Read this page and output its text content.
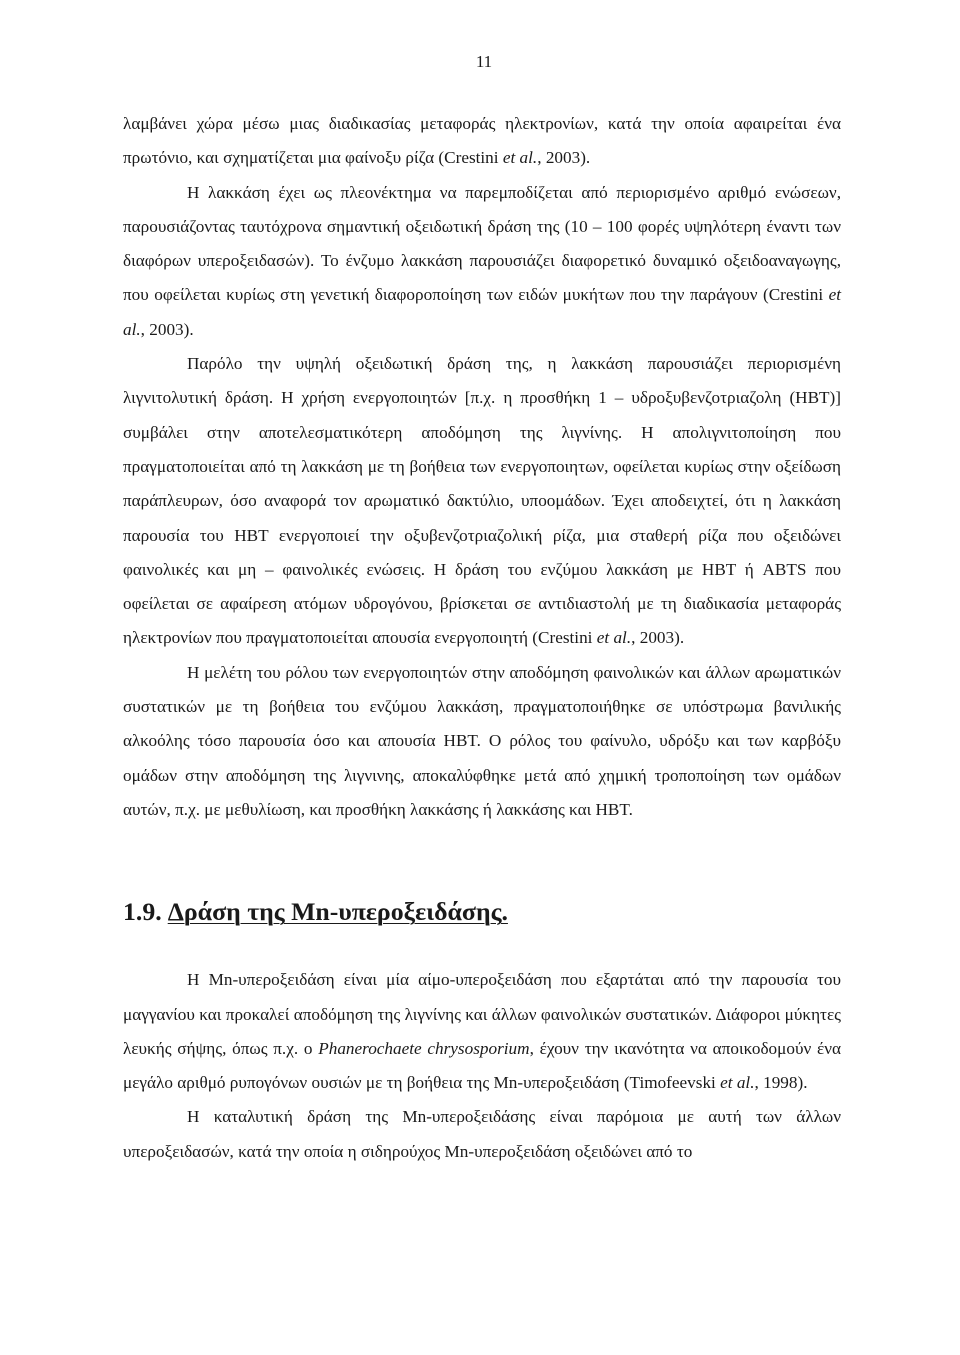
11

λαμβάνει χώρα μέσω μιας διαδικασίας μεταφοράς ηλεκτρονίων, κατά την οποία αφαιρείται ένα πρωτόνιο, και σχηματίζεται μια φαίνοξυ ρίζα (Crestini et al., 2003).

Η λακκάση έχει ως πλεονέκτημα να παρεμποδίζεται από περιορισμένο αριθμό ενώσεων, παρουσιάζοντας ταυτόχρονα σημαντική οξειδωτική δράση της (10 – 100 φορές υψηλότερη έναντι των διαφόρων υπεροξειδασών). Το ένζυμο λακκάση παρουσιάζει διαφορετικό δυναμικό οξειδοαναγωγης, που οφείλεται κυρίως στη γενετική διαφοροποίηση των ειδών μυκήτων που την παράγουν (Crestini et al., 2003).

Παρόλο την υψηλή οξειδωτική δράση της, η λακκάση παρουσιάζει περιορισμένη λιγνιτολυτική δράση. Η χρήση ενεργοποιητών [π.χ. η προσθήκη 1 – υδροξυβενζοτριαζολη (HBT)] συμβάλει στην αποτελεσματικότερη αποδόμηση της λιγνίνης. Η απολιγνιτοποίηση που πραγματοποιείται από τη λακκάση με τη βοήθεια των ενεργοποιητων, οφείλεται κυρίως στην οξείδωση παράπλευρων, όσο αναφορά τον αρωματικό δακτύλιο, υποομάδων. Έχει αποδειχτεί, ότι η λακκάση παρουσία του HBT ενεργοποιεί την οξυβενζοτριαζολική ρίζα, μια σταθερή ρίζα που οξειδώνει φαινολικές και μη – φαινολικές ενώσεις. Η δράση του ενζύμου λακκάση με HBT ή ABTS που οφείλεται σε αφαίρεση ατόμων υδρογόνου, βρίσκεται σε αντιδιαστολή με τη διαδικασία μεταφοράς ηλεκτρονίων που πραγματοποιείται απουσία ενεργοποιητή (Crestini et al., 2003).

Η μελέτη του ρόλου των ενεργοποιητών στην αποδόμηση φαινολικών και άλλων αρωματικών συστατικών με τη βοήθεια του ενζύμου λακκάση, πραγματοποιήθηκε σε υπόστρωμα βανιλικής αλκοόλης τόσο παρουσία όσο και απουσία HBT. Ο ρόλος του φαίνυλο, υδρόξυ και των καρβόξυ ομάδων στην αποδόμηση της λιγνινης, αποκαλύφθηκε μετά από χημική τροποποίηση των ομάδων αυτών, π.χ. με μεθυλίωση, και προσθήκη λακκάσης ή λακκάσης και HBT.

1.9. Δράση της Mn-υπεροξειδάσης.

Η Mn-υπεροξειδάση είναι μία αίμο-υπεροξειδάση που εξαρτάται από την παρουσία του μαγγανίου και προκαλεί αποδόμηση της λιγνίνης και άλλων φαινολικών συστατικών. Διάφοροι μύκητες λευκής σήψης, όπως π.χ. ο Phanerochaete chrysosporium, έχουν την ικανότητα να αποικοδομούν ένα μεγάλο αριθμό ρυπογόνων ουσιών με τη βοήθεια της Mn-υπεροξειδάση (Timofeevski et al., 1998).

Η καταλυτική δράση της Mn-υπεροξειδάσης είναι παρόμοια με αυτή των άλλων υπεροξειδασών, κατά την οποία η σιδηρούχος Mn-υπεροξειδάση οξειδώνει από το
